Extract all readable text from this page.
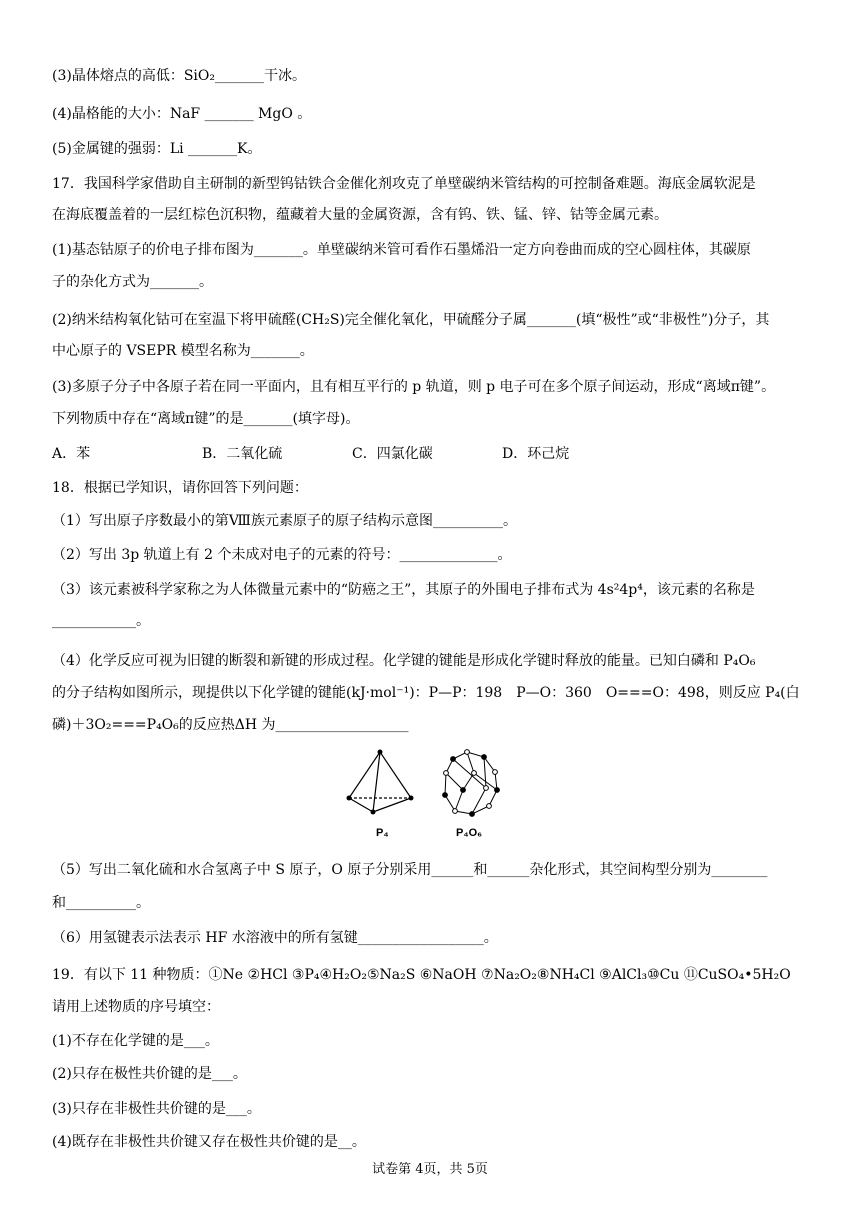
(3)晶体熔点的高低：SiO₂_______干冰。
(4)晶格能的大小：NaF _______ MgO 。
(5)金属键的强弱：Li _______K。
17．我国科学家借助自主研制的新型钨钴铁合金催化剂攻克了单壁碳纳米管结构的可控制备难题。海底金属软泥是
在海底覆盖着的一层红棕色沉积物，蕴藏着大量的金属资源，含有钨、铁、锰、锌、钴等金属元素。
(1)基态钴原子的价电子排布图为_______。单壁碳纳米管可看作石墨烯沿一定方向卷曲而成的空心圆柱体，其碳原
子的杂化方式为_______。
(2)纳米结构氧化钴可在室温下将甲硫醛(CH₂S)完全催化氧化，甲硫醛分子属_______(填“极性”或“非极性”)分子，其
中心原子的 VSEPR 模型名称为_______。
(3)多原子分子中各原子若在同一平面内，且有相互平行的 p 轨道，则 p 电子可在多个原子间运动，形成“离域π键”。
下列物质中存在“离域π键”的是_______(填字母)。
A．苯	B．二氧化硫	C．四氯化碳	D．环己烷
18．根据已学知识，请你回答下列问题：
（1）写出原子序数最小的第Ⅷ族元素原子的原子结构示意图__________。
（2）写出 3p 轨道上有 2 个未成对电子的元素的符号：______________。
（3）该元素被科学家称之为人体微量元素中的“防癌之王”，其原子的外围电子排布式为 4s²4p⁴，该元素的名称是
____________。
（4）化学反应可视为旧键的断裂和新键的形成过程。化学键的键能是形成化学键时释放的能量。已知白磷和 P₄O₆
的分子结构如图所示，现提供以下化学键的键能(kJ·mol⁻¹)：P—P：198　P—O：360　O===O：498，则反应 P₄(白
磷)＋3O₂===P₄O₆的反应热ΔH 为___________________
P₄	P₄O₆
（5）写出二氧化硫和水合氢离子中 S 原子，O 原子分别采用______和______杂化形式，其空间构型分别为________
和__________。
（6）用氢键表示法表示 HF 水溶液中的所有氢键__________________。
19．有以下 11 种物质：①Ne ②HCl ③P₄④H₂O₂⑤Na₂S ⑥NaOH ⑦Na₂O₂⑧NH₄Cl ⑨AlCl₃⑩Cu ⑪CuSO₄•5H₂O
请用上述物质的序号填空：
(1)不存在化学键的是___。
(2)只存在极性共价键的是___。
(3)只存在非极性共价键的是___。
(4)既存在非极性共价键又存在极性共价键的是__。
试卷第 4页，共 5页
